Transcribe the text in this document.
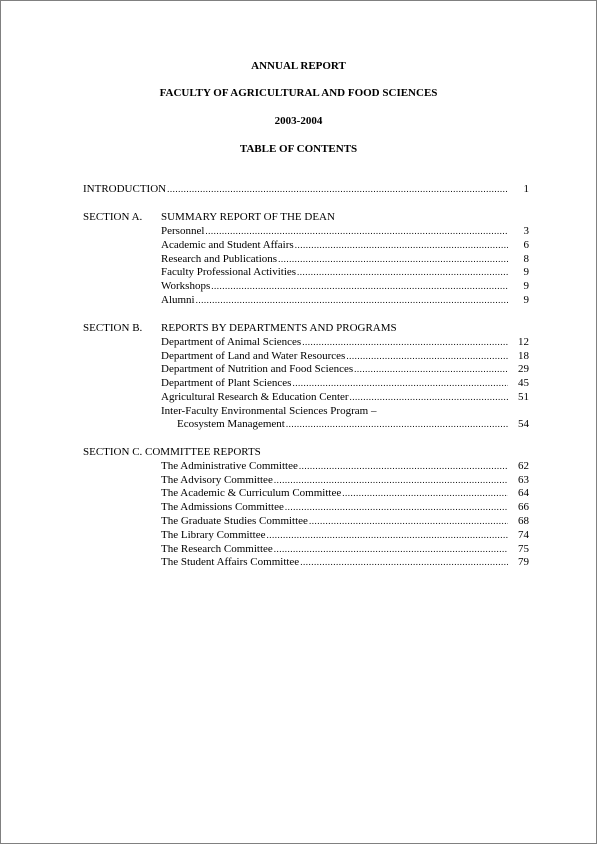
ANNUAL REPORT
FACULTY OF AGRICULTURAL AND FOOD SCIENCES
2003-2004
TABLE OF CONTENTS
INTRODUCTION .....	1
SECTION A. SUMMARY REPORT OF THE DEAN
Personnel .....	3
Academic and Student Affairs .....	6
Research and Publications .....	8
Faculty Professional Activities .....	9
Workshops .....	9
Alumni .....	9
SECTION B. REPORTS BY DEPARTMENTS AND PROGRAMS
Department of Animal Sciences .....	12
Department of Land and Water Resources .....	18
Department of Nutrition and Food Sciences .....	29
Department of Plant Sciences .....	45
Agricultural Research & Education Center .....	51
Inter-Faculty Environmental Sciences Program –
Ecosystem Management .....	54
SECTION C. COMMITTEE REPORTS
The Administrative Committee .....	62
The Advisory Committee .....	63
The Academic & Curriculum Committee .....	64
The Admissions Committee .....	66
The Graduate Studies Committee .....	68
The Library Committee .....	74
The Research Committee .....	75
The Student Affairs Committee .....	79
